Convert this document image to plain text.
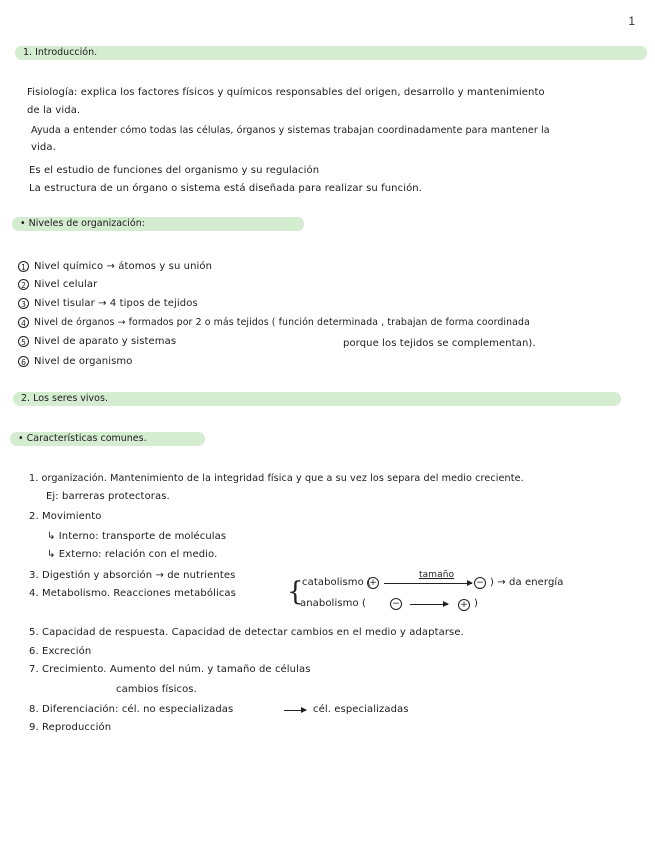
1
1. Introducción.
Fisiología: explica los factores físicos y químicos responsables del origen, desarrollo y mantenimiento
de la vida.
Ayuda a entender cómo todas las células, órganos y sistemas trabajan coordinadamente para mantener la
vida.
Es el estudio de funciones del organismo y su regulación
La estructura de un órgano o sistema está diseñada para realizar su función.
• Niveles de organización:
1 Nivel químico → átomos y su unión
2 Nivel celular
3 Nivel tisular → 4 tipos de tejidos
4 Nivel de órganos → formados por 2 o más tejidos ( función determinada , trabajan de forma coordinada
5 Nivel de aparato y sistemas	porque los tejidos se complementan).
6 Nivel de organismo
2. Los seres vivos.
• Características comunes.
1. organización. Mantenimiento de la integridad física y que a su vez los separa del medio creciente.
Ej: barreras protectoras.
2. Movimiento
↳ Interno: transporte de moléculas
↳ Externo: relación con el medio.
3. Digestión y absorción → de nutrientes
4. Metabolismo. Reacciones metabólicas {
catabolismo (
+
tamaño
− ) → da energía
anabolismo (	−	+ )
5. Capacidad de respuesta. Capacidad de detectar cambios en el medio y adaptarse.
6. Excreción
7. Crecimiento. Aumento del núm. y tamaño de células
cambios físicos.
8. Diferenciación: cél. no especializadas	cél. especializadas
9. Reproducción
